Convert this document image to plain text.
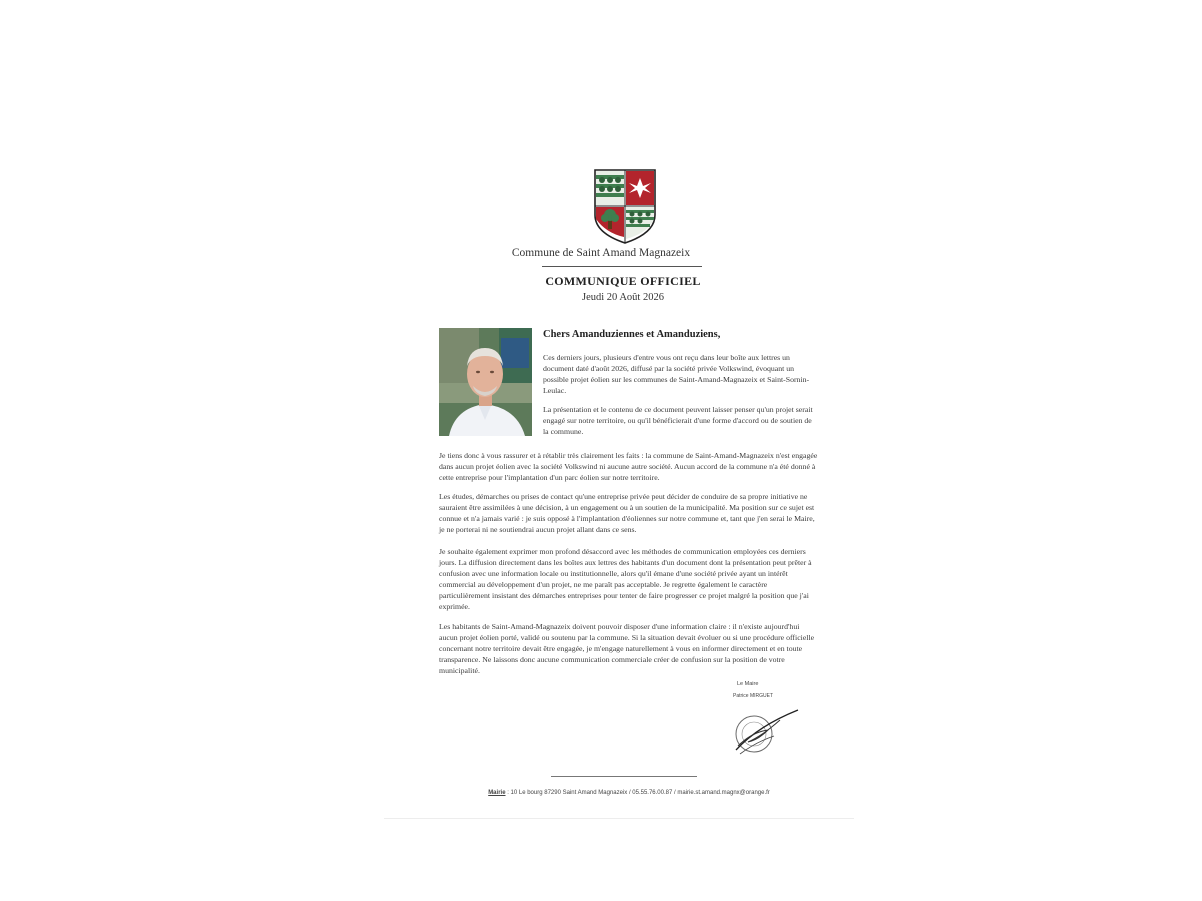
Commune de Saint Amand Magnazeix
COMMUNIQUE OFFICIEL
Jeudi 20 Août 2026
Chers Amanduziennes et Amanduziens,

Ces derniers jours, plusieurs d'entre vous ont reçu dans leur boîte aux lettres un document daté d'août 2026, diffusé par la société privée Volkswind, évoquant un possible projet éolien sur les communes de Saint-Amand-Magnazeix et Saint-Sornin-Leulac.

La présentation et le contenu de ce document peuvent laisser penser qu'un projet serait engagé sur notre territoire, ou qu'il bénéficierait d'une forme d'accord ou de soutien de la commune.

Je tiens donc à vous rassurer et à rétablir très clairement les faits : la commune de Saint-Amand-Magnazeix n'est engagée dans aucun projet éolien avec la société Volkswind ni aucune autre société. Aucun accord de la commune n'a été donné à cette entreprise pour l'implantation d'un parc éolien sur notre territoire.

Les études, démarches ou prises de contact qu'une entreprise privée peut décider de conduire de sa propre initiative ne sauraient être assimilées à une décision, à un engagement ou à un soutien de la municipalité. Ma position sur ce sujet est connue et n'a jamais varié : je suis opposé à l'implantation d'éoliennes sur notre commune et, tant que j'en serai le Maire, je ne porterai ni ne soutiendrai aucun projet allant dans ce sens.

Je souhaite également exprimer mon profond désaccord avec les méthodes de communication employées ces derniers jours. La diffusion directement dans les boîtes aux lettres des habitants d'un document dont la présentation peut prêter à confusion avec une information locale ou institutionnelle, alors qu'il émane d'une société privée ayant un intérêt commercial au développement d'un projet, ne me paraît pas acceptable. Je regrette également le caractère particulièrement insistant des démarches entreprises pour tenter de faire progresser ce projet malgré la position que j'ai exprimée.

Les habitants de Saint-Amand-Magnazeix doivent pouvoir disposer d'une information claire : il n'existe aujourd'hui aucun projet éolien porté, validé ou soutenu par la commune. Si la situation devait évoluer ou si une procédure officielle concernant notre territoire devait être engagée, je m'engage naturellement à vous en informer directement et en toute transparence. Ne laissons donc aucune communication commerciale créer de confusion sur la position de votre municipalité.

Le Maire
Patrice MIRGUET
Mairie : 10 Le bourg 87290 Saint Amand Magnazeix / 05.55.76.00.87 / mairie.st.amand.magnx@orange.fr
